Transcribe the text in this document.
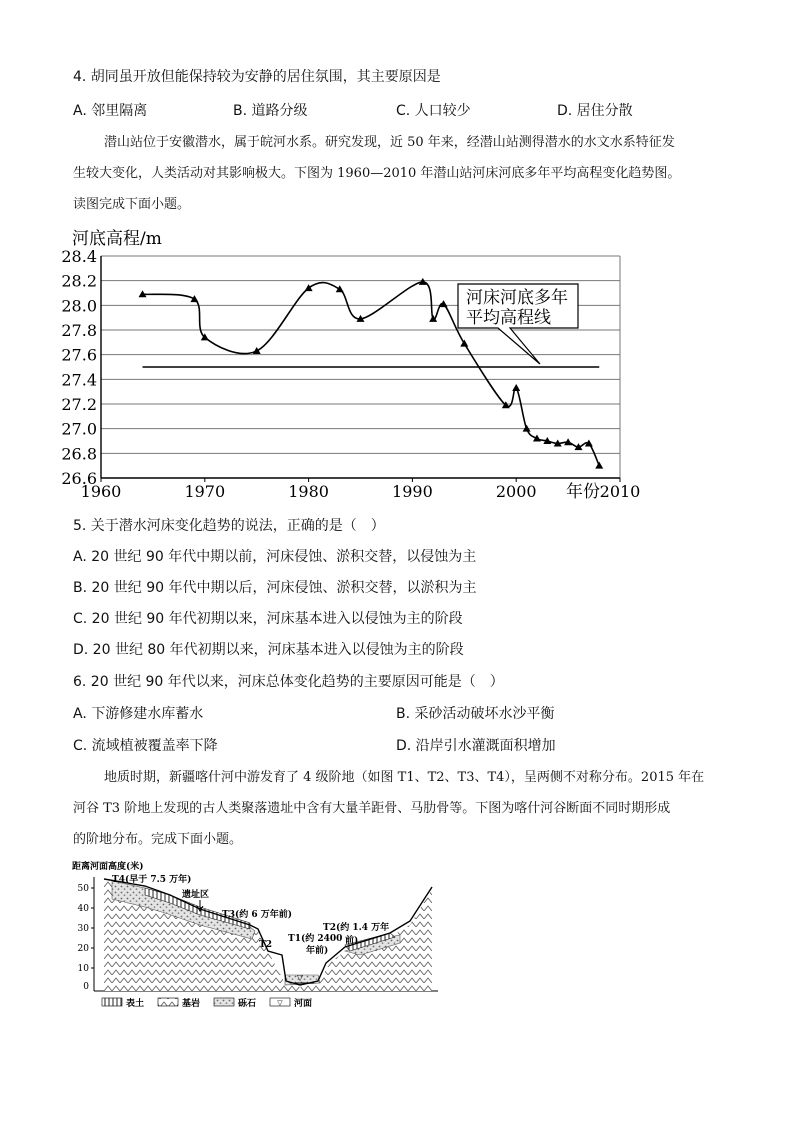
4. 胡同虽开放但能保持较为安静的居住氛围，其主要原因是
A. 邻里隔离	B. 道路分级	C. 人口较少	D. 居住分散
潜山站位于安徽潜水，属于皖河水系。研究发现，近 50 年来，经潜山站测得潜水的水文水系特征发
生较大变化，人类活动对其影响极大。下图为 1960—2010 年潜山站河床河底多年平均高程变化趋势图。
读图完成下面小题。
河底高程/m
28.4
28.2
28.0
27.8
27.6
27.4
27.2
27.0
26.8
26.6
1960	1970	1980	1990	2000	2010
河床河底多年
平均高程线
年份
5. 关于潜水河床变化趋势的说法，正确的是（　）
A. 20 世纪 90 年代中期以前，河床侵蚀、淤积交替，以侵蚀为主
B. 20 世纪 90 年代中期以后，河床侵蚀、淤积交替，以淤积为主
C. 20 世纪 90 年代初期以来，河床基本进入以侵蚀为主的阶段
D. 20 世纪 80 年代初期以来，河床基本进入以侵蚀为主的阶段
6. 20 世纪 90 年代以来，河床总体变化趋势的主要原因可能是（　）
A. 下游修建水库蓄水	B. 采砂活动破坏水沙平衡
C. 流域植被覆盖率下降	D. 沿岸引水灌溉面积增加
地质时期，新疆喀什河中游发育了 4 级阶地（如图 T1、T2、T3、T4），呈两侧不对称分布。2015 年在
河谷 T3 阶地上发现的古人类聚落遗址中含有大量羊距骨、马肋骨等。下图为喀什河谷断面不同时期形成
的阶地分布。完成下面小题。
距离河面高度(米)
50
40
30
20
10
0
▽
T4(早于 7.5 万年)
遗址区
T3(约 6 万年前)
T2
T1(约 2400
年前)
T2(约 1.4 万年
前)
表土	基岩	砾石	▽ 河面
